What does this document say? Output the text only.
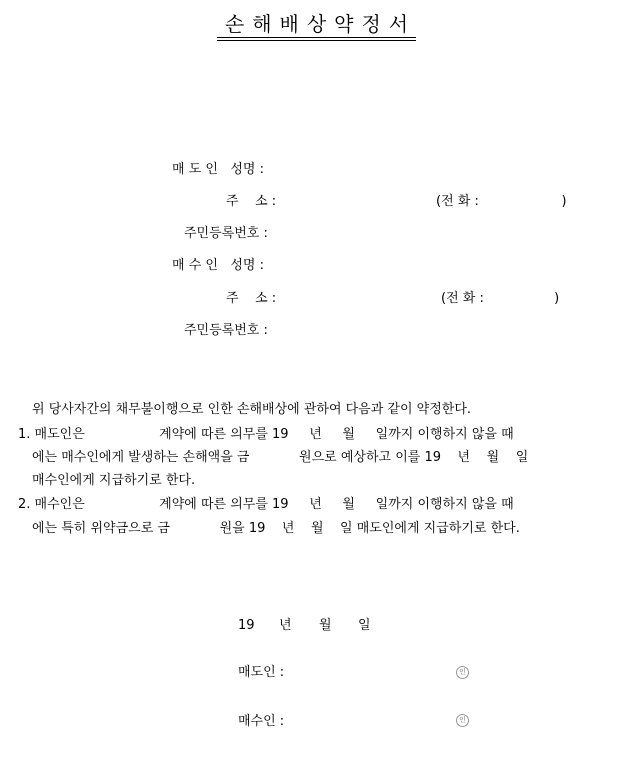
손해배상약정서
매 도 인   성명 :
주    소 :	(전 화 :                    )
주민등록번호 :
매 수 인   성명 :
주    소 :	(전 화 :                 )
주민등록번호 :
위 당사자간의 채무불이행으로 인한 손해배상에 관하여 다음과 같이 약정한다.
1. 매도인은                  계약에 따른 의무를 19     년     월     일까지 이행하지 않을 때
에는 매수인에게 발생하는 손해액을 금            원으로 예상하고 이를 19    년    월    일
매수인에게 지급하기로 한다.
2. 매수인은                  계약에 따른 의무를 19     년     월     일까지 이행하지 않을 때
에는 특히 위약금으로 금            원을 19    년    월    일 매도인에게 지급하기로 한다.
19 년 월 일
매도인 :	인
매수인 :	인
